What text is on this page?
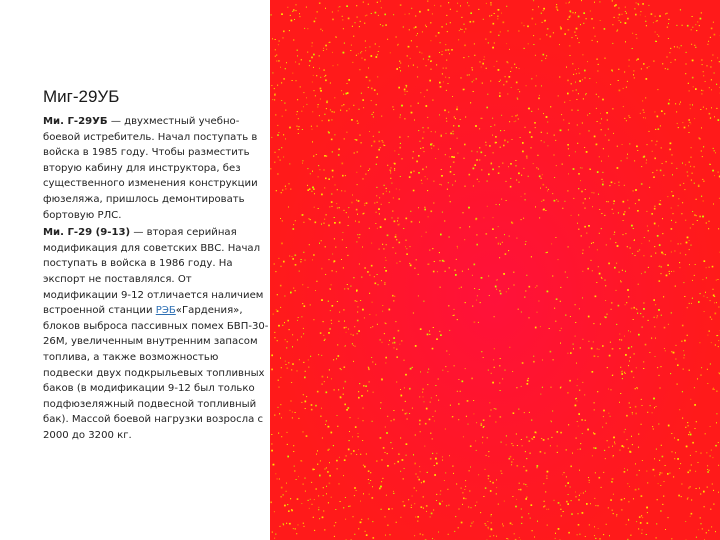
Миг-29УБ

Ми. Г-29УБ — двухместный учебно-боевой истребитель. Начал поступать в войска в 1985 году. Чтобы разместить вторую кабину для инструктора, без существенного изменения конструкции фюзеляжа, пришлось демонтировать бортовую РЛС.

Ми. Г-29 (9-13) — вторая серийная модификация для советских ВВС. Начал поступать в войска в 1986 году. На экспорт не поставлялся. От модификации 9-12 отличается наличием встроенной станции РЭБ«Гардения», блоков выброса пассивных помех БВП-30-26М, увеличенным внутренним запасом топлива, а также возможностью подвески двух подкрыльевых топливных баков (в модификации 9-12 был только подфюзеляжный подвесной топливный бак). Массой боевой нагрузки возросла с 2000 до 3200 кг.
